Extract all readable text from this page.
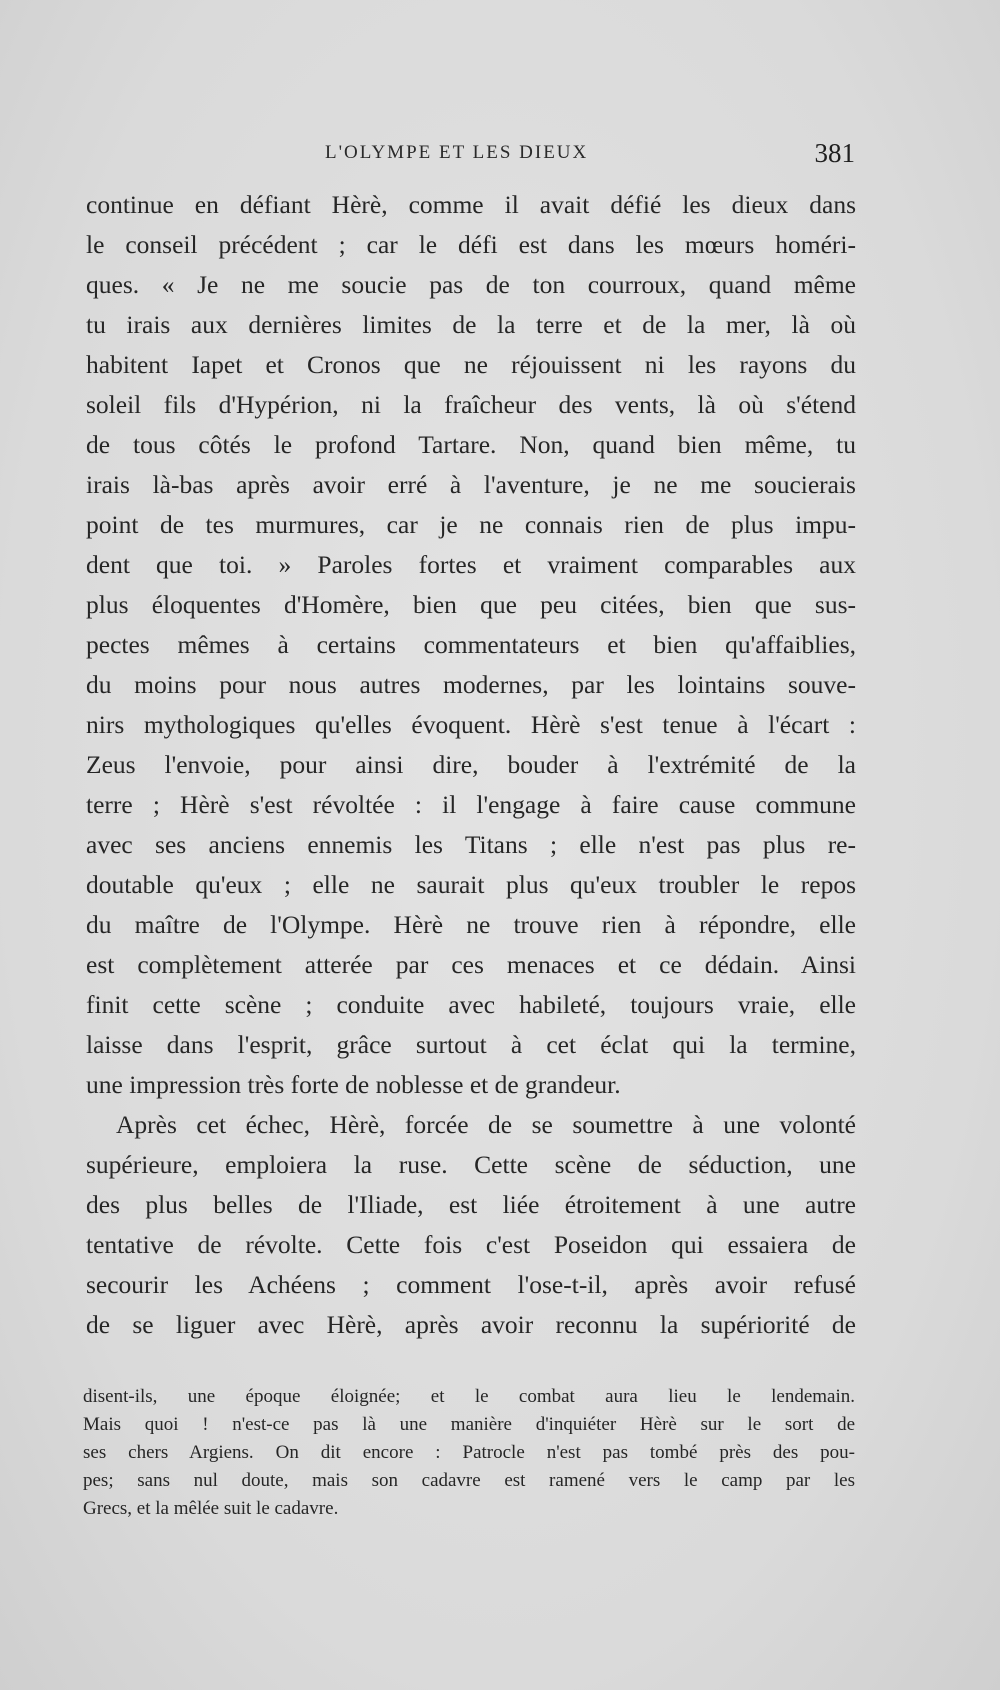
L'OLYMPE ET LES DIEUX	381
continue en défiant Hèrè, comme il avait défié les dieux dans
le conseil précédent ; car le défi est dans les mœurs homéri-
ques. « Je ne me soucie pas de ton courroux, quand même
tu irais aux dernières limites de la terre et de la mer, là où
habitent Iapet et Cronos que ne réjouissent ni les rayons du
soleil fils d'Hypérion, ni la fraîcheur des vents, là où s'étend
de tous côtés le profond Tartare. Non, quand bien même, tu
irais là-bas après avoir erré à l'aventure, je ne me soucierais
point de tes murmures, car je ne connais rien de plus impu-
dent que toi. » Paroles fortes et vraiment comparables aux
plus éloquentes d'Homère, bien que peu citées, bien que sus-
pectes mêmes à certains commentateurs et bien qu'affaiblies,
du moins pour nous autres modernes, par les lointains souve-
nirs mythologiques qu'elles évoquent. Hèrè s'est tenue à l'écart :
Zeus l'envoie, pour ainsi dire, bouder à l'extrémité de la
terre ; Hèrè s'est révoltée : il l'engage à faire cause commune
avec ses anciens ennemis les Titans ; elle n'est pas plus re-
doutable qu'eux ; elle ne saurait plus qu'eux troubler le repos
du maître de l'Olympe. Hèrè ne trouve rien à répondre, elle
est complètement atterée par ces menaces et ce dédain. Ainsi
finit cette scène ; conduite avec habileté, toujours vraie, elle
laisse dans l'esprit, grâce surtout à cet éclat qui la termine,
une impression très forte de noblesse et de grandeur.
Après cet échec, Hèrè, forcée de se soumettre à une volonté
supérieure, emploiera la ruse. Cette scène de séduction, une
des plus belles de l'Iliade, est liée étroitement à une autre
tentative de révolte. Cette fois c'est Poseidon qui essaiera de
secourir les Achéens ; comment l'ose-t-il, après avoir refusé
de se liguer avec Hèrè, après avoir reconnu la supériorité de
disent-ils, une époque éloignée; et le combat aura lieu le lendemain.
Mais quoi ! n'est-ce pas là une manière d'inquiéter Hèrè sur le sort de
ses chers Argiens. On dit encore : Patrocle n'est pas tombé près des pou-
pes; sans nul doute, mais son cadavre est ramené vers le camp par les
Grecs, et la mêlée suit le cadavre.
